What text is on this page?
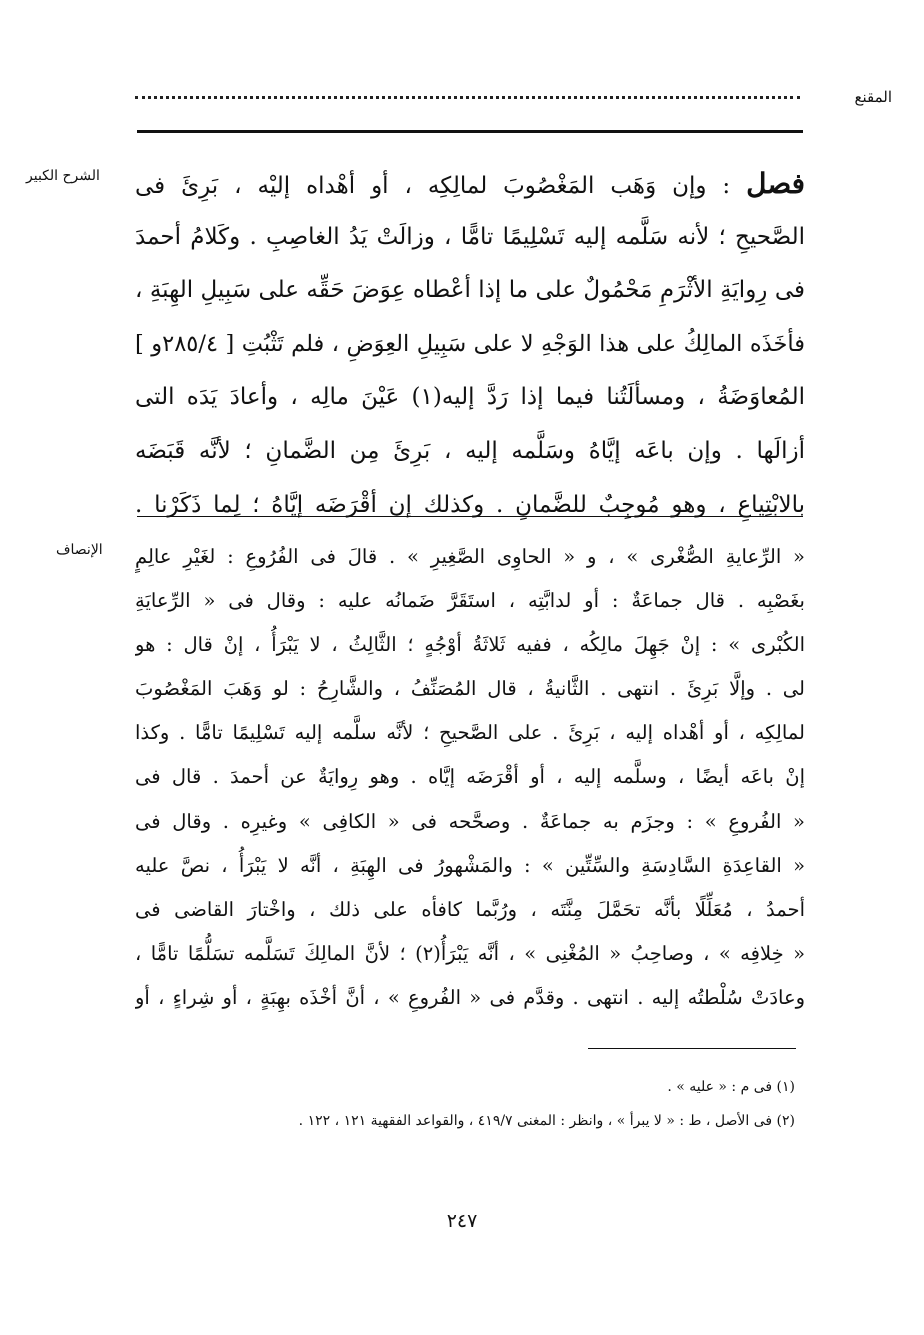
المقنع
الشرح الكبير	فصل : وإن وَهَب المَغْصُوبَ لمالِكِه ، أو أهْداه إليْه ، بَرِئَ فى
الصَّحيحِ ؛ لأنه سَلَّمه إليه تَسْلِيمًا تامًّا ، وزالَتْ يَدُ الغاصِبِ . وكَلامُ أحمدَ
فى رِوايَةِ الأثْرَمِ مَحْمُولٌ على ما إذا أعْطاه عِوَضَ حَقِّه على سَبِيلِ الهِبَةِ ،
فأخَذَه المالِكُ على هذا الوَجْهِ لا على سَبِيلِ العِوَضِ ، فلم تَثْبُتِ [ ٢٨٥/٤و ]
المُعاوَضَةُ ، ومسألَتُنا فيما إذا رَدَّ إليه(١) عَيْنَ مالِه ، وأعادَ يَدَه التى
أزالَها . وإن باعَه إيَّاهُ وسَلَّمه إليه ، بَرِئَ مِن الضَّمانِ ؛ لأنَّه قَبَضَه
بالابْتِياعِ ، وهو مُوجِبٌ للضَّمانِ . وكذلك إن أقْرَضَه إيَّاهُ ؛ لِما ذَكَرْنا .
الإنصاف « الرِّعايةِ الصُّغْرى » ، و « الحاوِى الصَّغِيرِ » . قالَ فى الفُرُوعِ : لغَيْرِ عالِمٍ
بغَصْبِه . قال جماعَةٌ : أو لدابَّتِه ، استَقَرَّ ضَمانُه عليه : وقال فى « الرِّعايَةِ
الكُبْرى » : إنْ جَهِلَ مالِكُه ، ففيه ثَلاثَةُ أوْجُهٍ ؛ الثَّالِثُ ، لا يَبْرَأُ ، إنْ قال : هو
لى . وإلَّا بَرِئَ . انتهى . الثَّانيةُ ، قال المُصَنِّفُ ، والشَّارِحُ : لو وَهَبَ المَغْصُوبَ
لمالِكِه ، أو أهْداه إليه ، بَرِئَ . على الصَّحيحِ ؛ لأنَّه سلَّمه إليه تَسْلِيمًا تامًّا . وكذا
إنْ باعَه أيضًا ، وسلَّمه إليه ، أو أقْرَضَه إيَّاه . وهو رِوايَةٌ عن أحمدَ . قال فى
« الفُروعِ » : وجزَم به جماعَةٌ . وصحَّحه فى « الكافِى » وغيرِه . وقال فى
« القاعِدَةِ السَّادِسَةِ والسِّتِّين » : والمَشْهورُ فى الهِبَةِ ، أنَّه لا يَبْرَأُ ، نصَّ عليه
أحمدُ ، مُعَلِّلًا بأنَّه تحَمَّلَ مِنَّتَه ، ورُبَّما كافأه على ذلك ، واخْتارَ القاضى فى
« خِلافِه » ، وصاحِبُ « المُغْنِى » ، أنَّه يَبْرَأُ(٢) ؛ لأنَّ المالِكَ تَسَلَّمه تسَلُّمًا تامًّا ،
وعادَتْ سُلْطتُه إليه . انتهى . وقدَّم فى « الفُروعِ » ، أنَّ أخْذَه بهِبَةٍ ، أو شِراءٍ ، أو
(١) فى م : « عليه » .
(٢) فى الأصل ، ط : « لا يبرأ » ، وانظر : المغنى ٤١٩/٧ ، والقواعد الفقهية ١٢١ ، ١٢٢ .
٢٤٧
